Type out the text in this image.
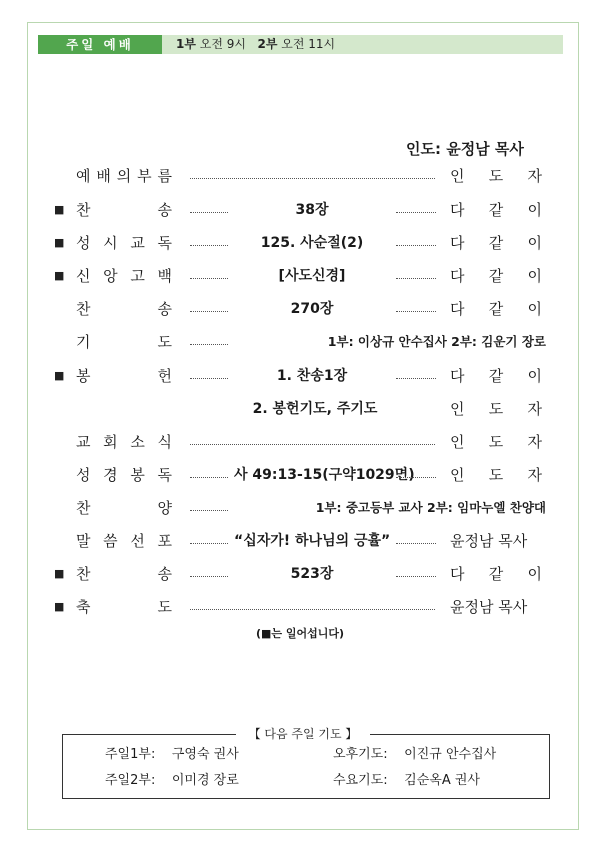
주일 예배	1부 오전 9시 2부 오전 11시
인도: 윤정남 목사
예 배 의 부 름	인 도 자
■ 찬	송	38장	다 같 이
■ 성 시 교 독	125. 사순절(2)	다 같 이
■ 신 앙 고 백	[사도신경]	다 같 이
찬	송	270장	다 같 이
기	도	1부: 이상규 안수집사 2부: 김운기 장로
■ 봉	헌	1. 찬송1장	다 같 이
2. 봉헌기도, 주기도	인 도 자
교 회 소 식	인 도 자
성 경 봉 독	사 49:13-15(구약1029면) 인 도 자
찬	양	1부: 중고등부 교사 2부: 임마누엘 찬양대
말 씀 선 포	“십자가! 하나님의 긍휼”	윤정남 목사
■ 찬	송	523장	다 같 이
■ 축	도	윤정남 목사
(■는 일어섭니다)
【 다음 주일 기도 】
주일1부: 구영숙 권사	오후기도: 이진규 안수집사
주일2부: 이미경 장로	수요기도: 김순옥A 권사
